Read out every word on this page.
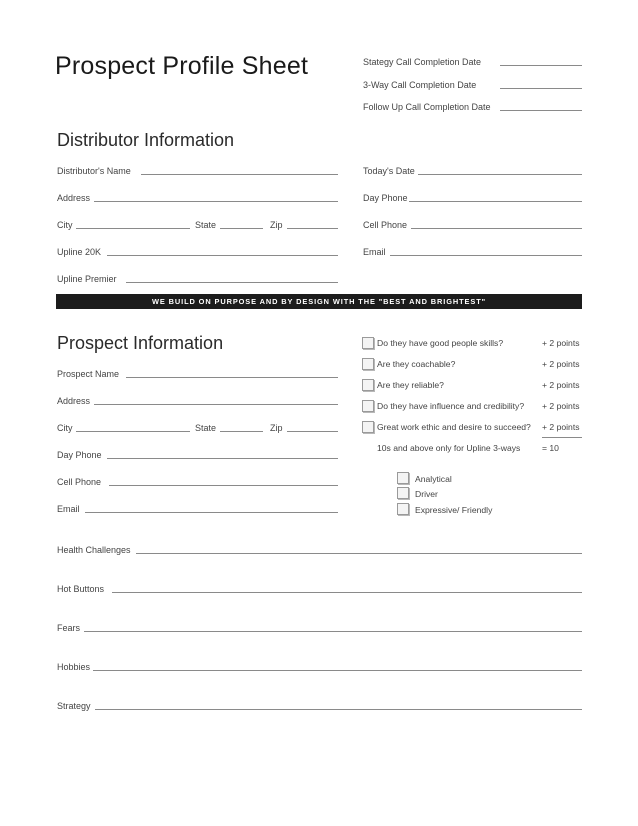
Prospect Profile Sheet	Stategy Call Completion Date
3-Way Call Completion Date
Follow Up Call Completion Date
Distributor Information
Distributor's Name
Address
City	State	Zip
Upline 20K
Upline Premier
Today's Date
Day Phone
Cell Phone
Email
WE BUILD ON PURPOSE AND BY DESIGN WITH THE "BEST AND BRIGHTEST"
Prospect Information
Prospect Name
Address
City	State	Zip
Day Phone
Cell Phone
Email
Do they have good people skills?	+ 2 points
Are they coachable?	+ 2 points
Are they reliable?	+ 2 points
Do they have influence and credibility? + 2 points
Great work ethic and desire to succeed? + 2 points
10s and above only for Upline 3-ways	= 10
Analytical
Driver
Expressive/ Friendly
Health Challenges
Hot Buttons
Fears
Hobbies
Strategy
